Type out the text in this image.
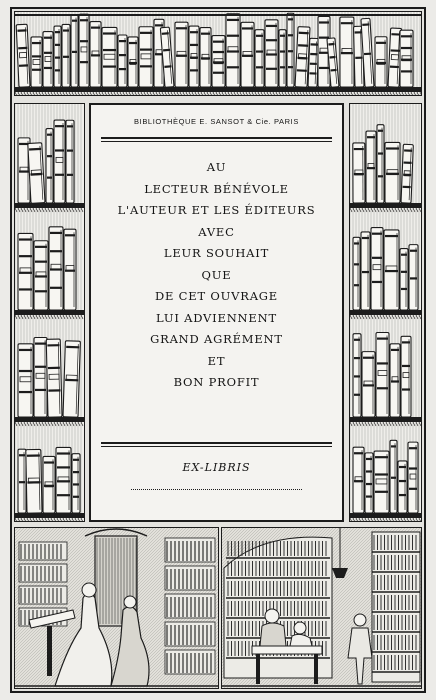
BIBLIOTHÈQUE E. SANSOT & Cie. PARIS
AU
LECTEUR BÉNÉVOLE
L'AUTEUR ET LES ÉDITEURS
AVEC
LEUR SOUHAIT
QUE
DE CET OUVRAGE
LUI ADVIENNENT
GRAND AGRÉMENT
ET
BON PROFIT
EX-LIBRIS
